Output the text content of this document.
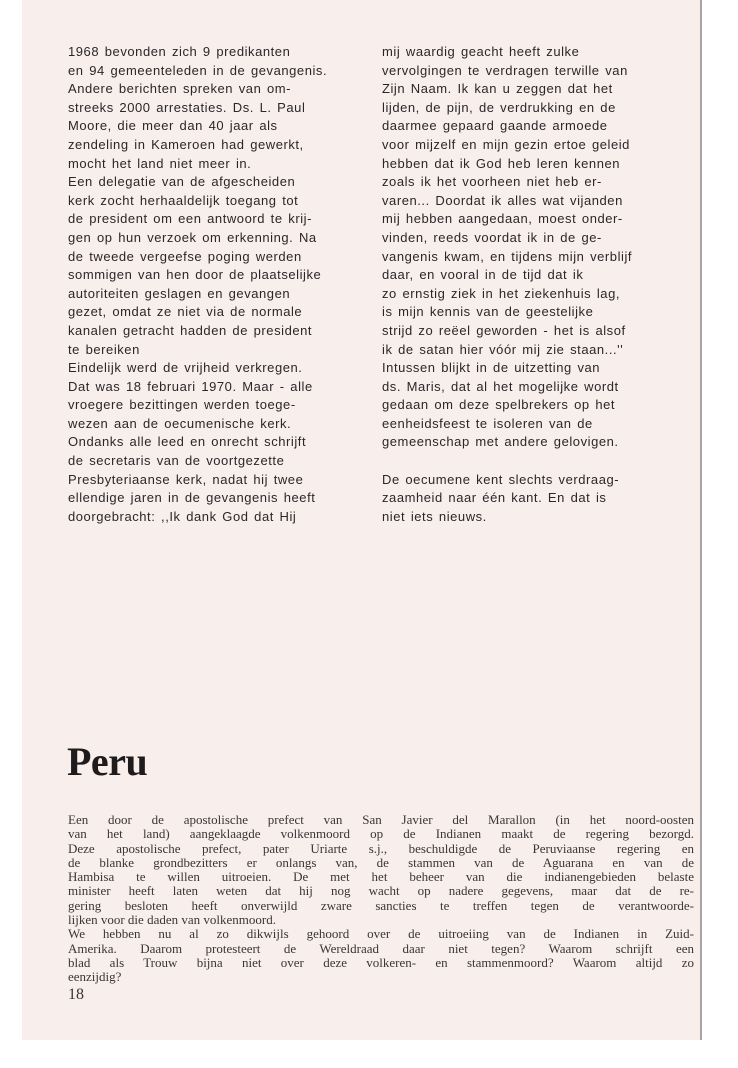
1968 bevonden zich 9 predikanten
en 94 gemeenteleden in de gevangenis.
Andere berichten spreken van om-
streeks 2000 arrestaties. Ds. L. Paul
Moore, die meer dan 40 jaar als
zendeling in Kameroen had gewerkt,
mocht het land niet meer in.
Een delegatie van de afgescheiden
kerk zocht herhaaldelijk toegang tot
de president om een antwoord te krij-
gen op hun verzoek om erkenning. Na
de tweede vergeefse poging werden
sommigen van hen door de plaatselijke
autoriteiten geslagen en gevangen
gezet, omdat ze niet via de normale
kanalen getracht hadden de president
te bereiken
Eindelijk werd de vrijheid verkregen.
Dat was 18 februari 1970. Maar - alle
vroegere bezittingen werden toege-
wezen aan de oecumenische kerk.
Ondanks alle leed en onrecht schrijft
de secretaris van de voortgezette
Presbyteriaanse kerk, nadat hij twee
ellendige jaren in de gevangenis heeft
doorgebracht: ,,Ik dank God dat Hij
mij waardig geacht heeft zulke
vervolgingen te verdragen terwille van
Zijn Naam. Ik kan u zeggen dat het
lijden, de pijn, de verdrukking en de
daarmee gepaard gaande armoede
voor mijzelf en mijn gezin ertoe geleid
hebben dat ik God heb leren kennen
zoals ik het voorheen niet heb er-
varen... Doordat ik alles wat vijanden
mij hebben aangedaan, moest onder-
vinden, reeds voordat ik in de ge-
vangenis kwam, en tijdens mijn verblijf
daar, en vooral in de tijd dat ik
zo ernstig ziek in het ziekenhuis lag,
is mijn kennis van de geestelijke
strijd zo reëel geworden - het is alsof
ik de satan hier vóór mij zie staan...''
Intussen blijkt in de uitzetting van
ds. Maris, dat al het mogelijke wordt
gedaan om deze spelbrekers op het
eenheidsfeest te isoleren van de
gemeenschap met andere gelovigen.
De oecumene kent slechts verdraag-
zaamheid naar één kant. En dat is
niet iets nieuws.
Peru
Een door de apostolische prefect van San Javier del Marallon (in het noord-oosten
van het land) aangeklaagde volkenmoord op de Indianen maakt de regering bezorgd.
Deze apostolische prefect, pater Uriarte s.j., beschuldigde de Peruviaanse regering en
de blanke grondbezitters er onlangs van, de stammen van de Aguarana en van de
Hambisa te willen uitroeien. De met het beheer van die indianengebieden belaste
minister heeft laten weten dat hij nog wacht op nadere gegevens, maar dat de re-
gering besloten heeft onverwijld zware sancties te treffen tegen de verantwoorde-
lijken voor die daden van volkenmoord.
We hebben nu al zo dikwijls gehoord over de uitroeiing van de Indianen in Zuid-
Amerika. Daarom protesteert de Wereldraad daar niet tegen? Waarom schrijft een
blad als Trouw bijna niet over deze volkeren- en stammenmoord? Waarom altijd zo
eenzijdig?
18
